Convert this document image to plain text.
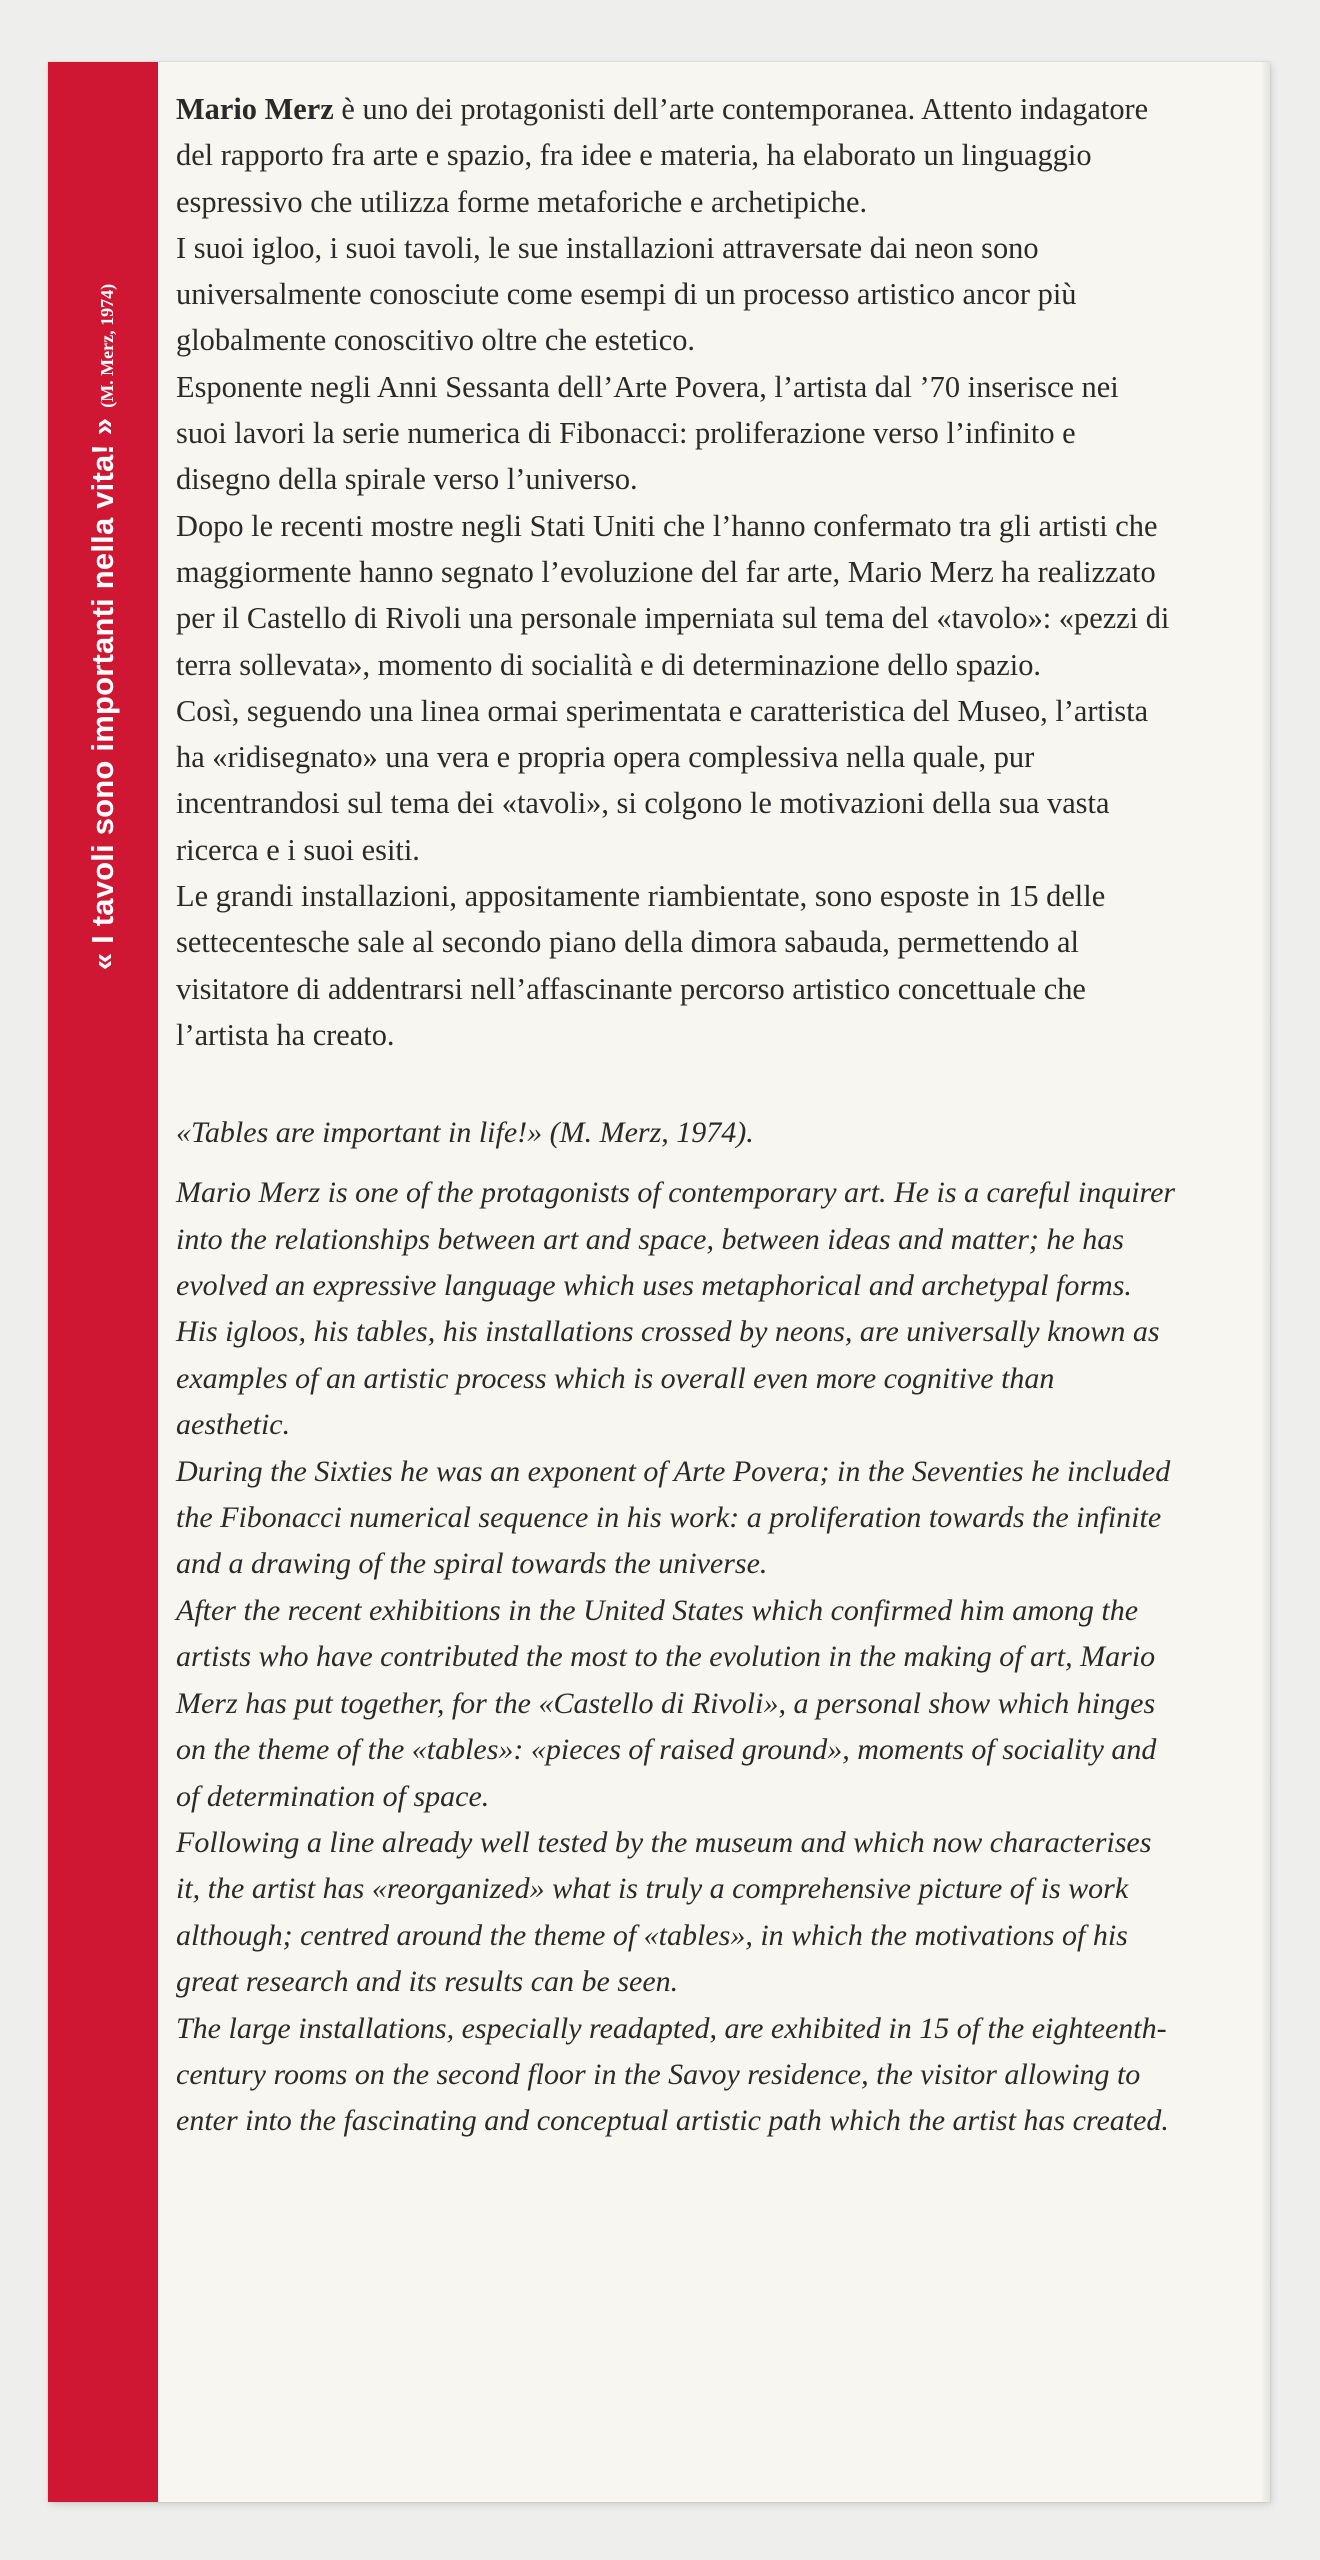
« I tavoli sono importanti nella vita! »(M. Merz, 1974)

Mario Merz è uno dei protagonisti dell’arte contemporanea. Attento indagatore del rapporto fra arte e spazio, fra idee e materia, ha elaborato un linguaggio espressivo che utilizza forme metaforiche e archetipiche.

I suoi igloo, i suoi tavoli, le sue installazioni attraversate dai neon sono universalmente conosciute come esempi di un processo artistico ancor più globalmente conoscitivo oltre che estetico.

Esponente negli Anni Sessanta dell’Arte Povera, l’artista dal ’70 inserisce nei suoi lavori la serie numerica di Fibonacci: proliferazione verso l’infinito e disegno della spirale verso l’universo.

Dopo le recenti mostre negli Stati Uniti che l’hanno confermato tra gli artisti che maggiormente hanno segnato l’evoluzione del far arte, Mario Merz ha realizzato per il Castello di Rivoli una personale imperniata sul tema del «tavolo»: «pezzi di terra sollevata», momento di socialità e di determinazione dello spazio.

Così, seguendo una linea ormai sperimentata e caratteristica del Museo, l’artista ha «ridisegnato» una vera e propria opera complessiva nella quale, pur incentrandosi sul tema dei «tavoli», si colgono le motivazioni della sua vasta ricerca e i suoi esiti.

Le grandi installazioni, appositamente riambientate, sono esposte in 15 delle settecentesche sale al secondo piano della dimora sabauda, permettendo al visitatore di addentrarsi nell’affascinante percorso artistico concettuale che l’artista ha creato.

«Tables are important in life!» (M. Merz, 1974).

Mario Merz is one of the protagonists of contemporary art. He is a careful inquirer into the relationships between art and space, between ideas and matter; he has evolved an expressive language which uses metaphorical and archetypal forms.

His igloos, his tables, his installations crossed by neons, are universally known as examples of an artistic process which is overall even more cognitive than aesthetic.

During the Sixties he was an exponent of Arte Povera; in the Seventies he included the Fibonacci numerical sequence in his work: a proliferation towards the infinite and a drawing of the spiral towards the universe.

After the recent exhibitions in the United States which confirmed him among the artists who have contributed the most to the evolution in the making of art, Mario Merz has put together, for the «Castello di Rivoli», a personal show which hinges on the theme of the «tables»: «pieces of raised ground», moments of sociality and of determination of space.

Following a line already well tested by the museum and which now characterises it, the artist has «reorganized» what is truly a comprehensive picture of is work although; centred around the theme of «tables», in which the motivations of his great research and its results can be seen.

The large installations, especially readapted, are exhibited in 15 of the eighteenth-century rooms on the second floor in the Savoy residence, the visitor allowing to enter into the fascinating and conceptual artistic path which the artist has created.
